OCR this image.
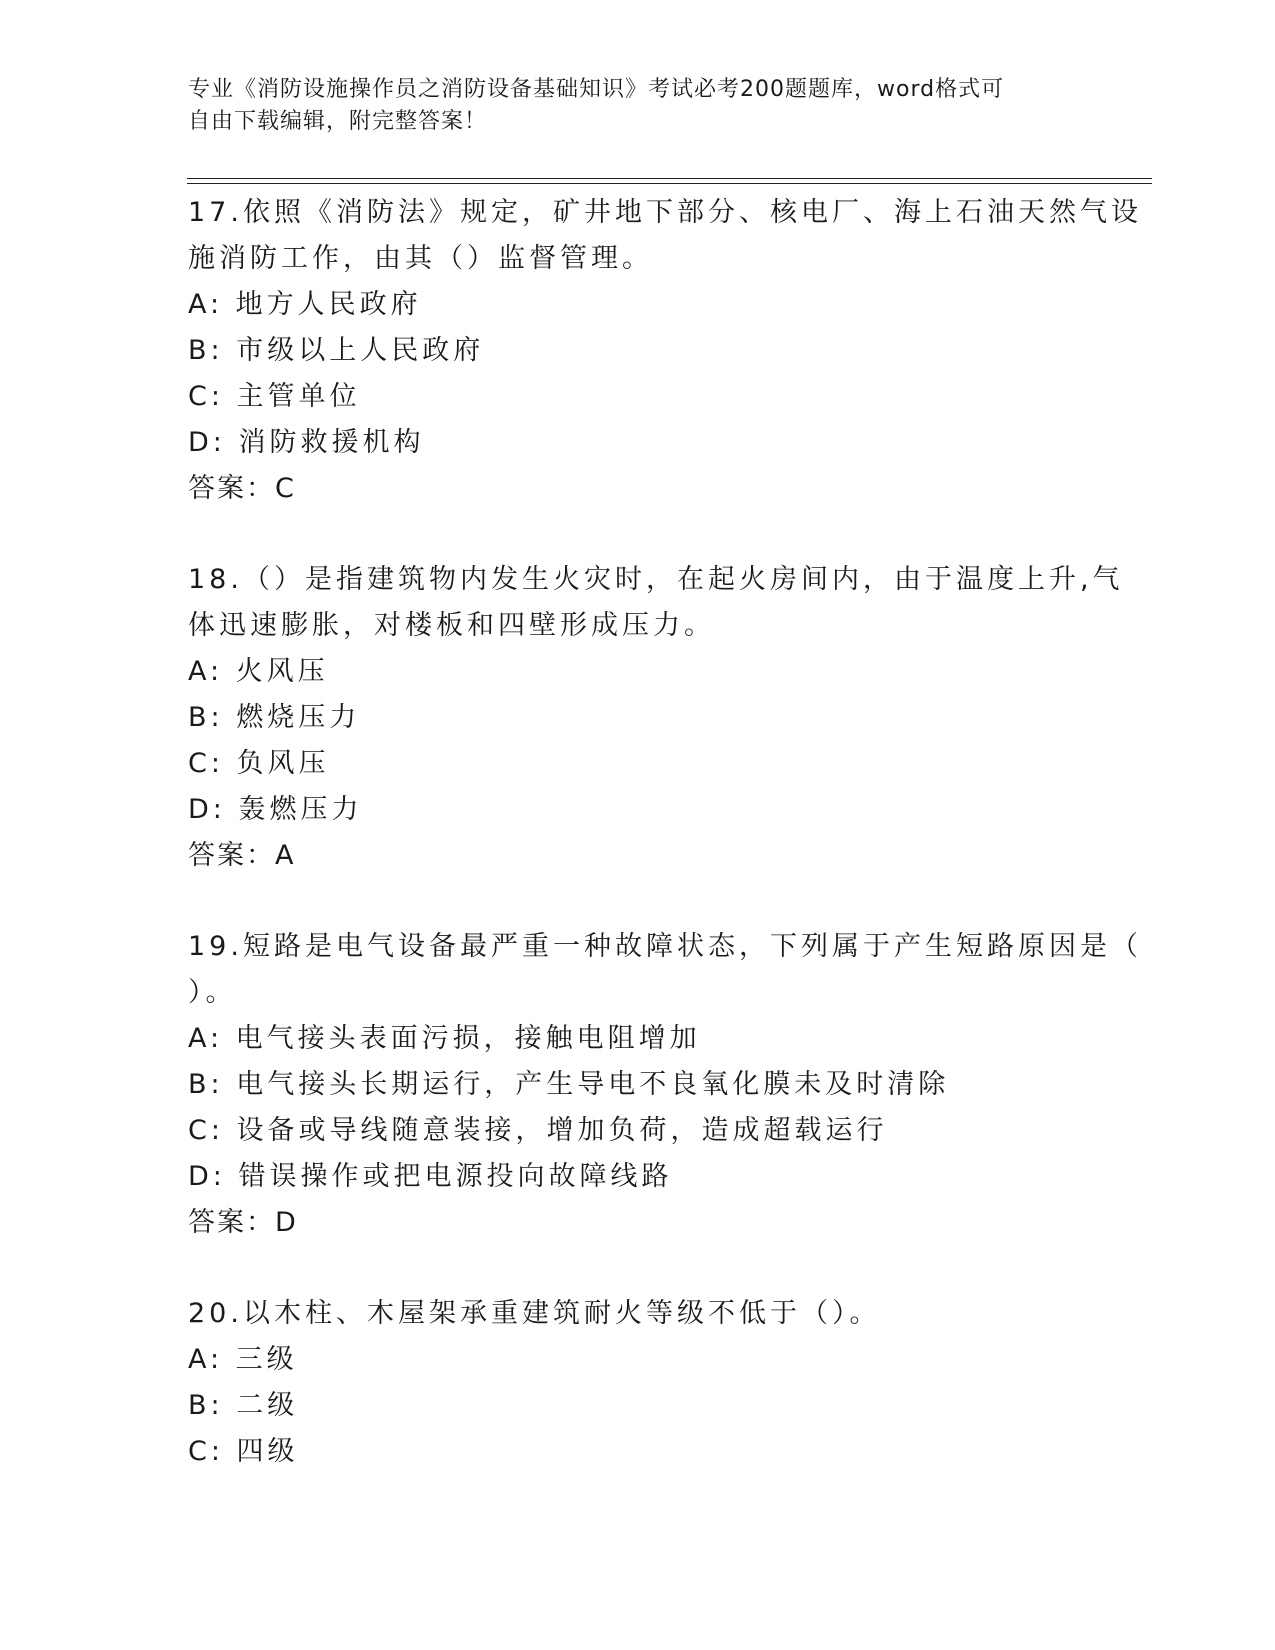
专业《消防设施操作员之消防设备基础知识》考试必考200题题库，word格式可
自由下载编辑，附完整答案！
17.依照《消防法》规定，矿井地下部分、核电厂、海上石油天然气设
施消防工作，由其（）监督管理。
A: 地方人民政府
B: 市级以上人民政府
C: 主管单位
D: 消防救援机构
答案：C
18.（）是指建筑物内发生火灾时，在起火房间内，由于温度上升,气
体迅速膨胀，对楼板和四壁形成压力。
A: 火风压
B: 燃烧压力
C: 负风压
D: 轰燃压力
答案：A
19.短路是电气设备最严重一种故障状态，下列属于产生短路原因是（
）。
A: 电气接头表面污损，接触电阻增加
B: 电气接头长期运行，产生导电不良氧化膜未及时清除
C: 设备或导线随意装接，增加负荷，造成超载运行
D: 错误操作或把电源投向故障线路
答案：D
20.以木柱、木屋架承重建筑耐火等级不低于（）。
A: 三级
B: 二级
C: 四级
